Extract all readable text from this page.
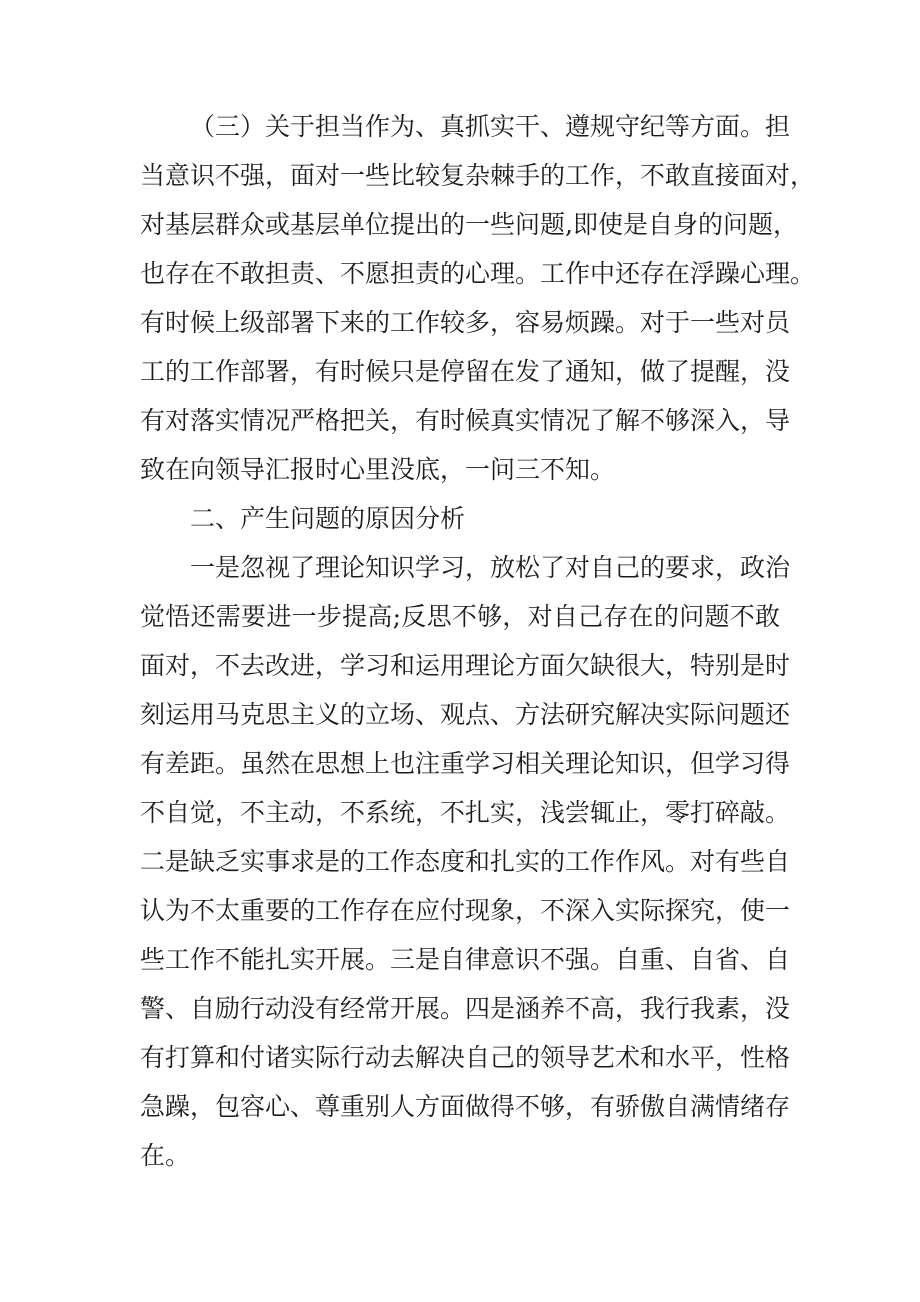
（三）关于担当作为、真抓实干、遵规守纪等方面。担
当意识不强，面对一些比较复杂棘手的工作，不敢直接面对，
对基层群众或基层单位提出的一些问题,即使是自身的问题，
也存在不敢担责、不愿担责的心理。工作中还存在浮躁心理。
有时候上级部署下来的工作较多，容易烦躁。对于一些对员
工的工作部署，有时候只是停留在发了通知，做了提醒，没
有对落实情况严格把关，有时候真实情况了解不够深入，导
致在向领导汇报时心里没底，一问三不知。
二、产生问题的原因分析
一是忽视了理论知识学习，放松了对自己的要求，政治
觉悟还需要进一步提高;反思不够，对自己存在的问题不敢
面对，不去改进，学习和运用理论方面欠缺很大，特别是时
刻运用马克思主义的立场、观点、方法研究解决实际问题还
有差距。虽然在思想上也注重学习相关理论知识，但学习得
不自觉，不主动，不系统，不扎实，浅尝辄止，零打碎敲。
二是缺乏实事求是的工作态度和扎实的工作作风。对有些自
认为不太重要的工作存在应付现象，不深入实际探究，使一
些工作不能扎实开展。三是自律意识不强。自重、自省、自
警、自励行动没有经常开展。四是涵养不高，我行我素，没
有打算和付诸实际行动去解决自己的领导艺术和水平，性格
急躁，包容心、尊重别人方面做得不够，有骄傲自满情绪存
在。
